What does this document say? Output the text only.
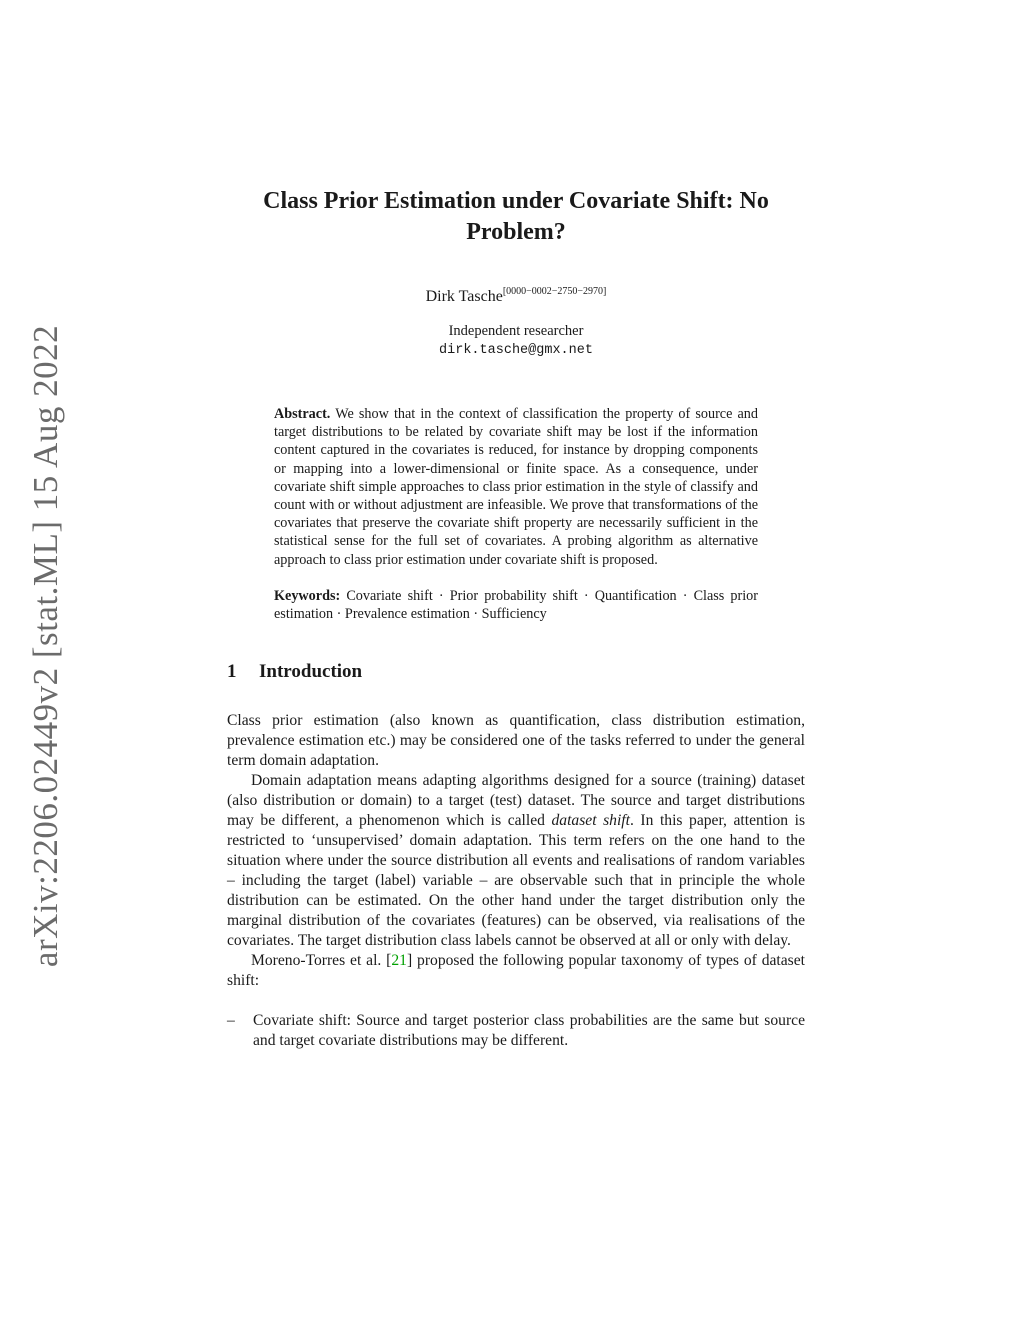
arXiv:2206.02449v2 [stat.ML] 15 Aug 2022
Class Prior Estimation under Covariate Shift: No
Problem?
Dirk Tasche[0000−0002−2750−2970]
Independent researcher
dirk.tasche@gmx.net
Abstract. We show that in the context of classification the property of source and target distributions to be related by covariate shift may be lost if the information content captured in the covariates is reduced, for instance by dropping components or mapping into a lower-dimensional or finite space. As a consequence, under covariate shift simple approaches to class prior estimation in the style of classify and count with or without adjustment are infeasible. We prove that transformations of the covariates that preserve the covariate shift property are necessarily sufficient in the statistical sense for the full set of covariates. A probing algorithm as alternative approach to class prior estimation under covariate shift is proposed.
Keywords: Covariate shift · Prior probability shift · Quantification · Class prior estimation · Prevalence estimation · Sufficiency
1 Introduction

Class prior estimation (also known as quantification, class distribution estimation, prevalence estimation etc.) may be considered one of the tasks referred to under the general term domain adaptation.

Domain adaptation means adapting algorithms designed for a source (training) dataset (also distribution or domain) to a target (test) dataset. The source and target distributions may be different, a phenomenon which is called dataset shift. In this paper, attention is restricted to ‘unsupervised’ domain adaptation. This term refers on the one hand to the situation where under the source distribution all events and realisations of random variables – including the target (label) variable – are observable such that in principle the whole distribution can be estimated. On the other hand under the target distribution only the marginal distribution of the covariates (features) can be observed, via realisations of the covariates. The target distribution class labels cannot be observed at all or only with delay.

Moreno-Torres et al. [21] proposed the following popular taxonomy of types of dataset shift:

– Covariate shift: Source and target posterior class probabilities are the same but source and target covariate distributions may be different.
